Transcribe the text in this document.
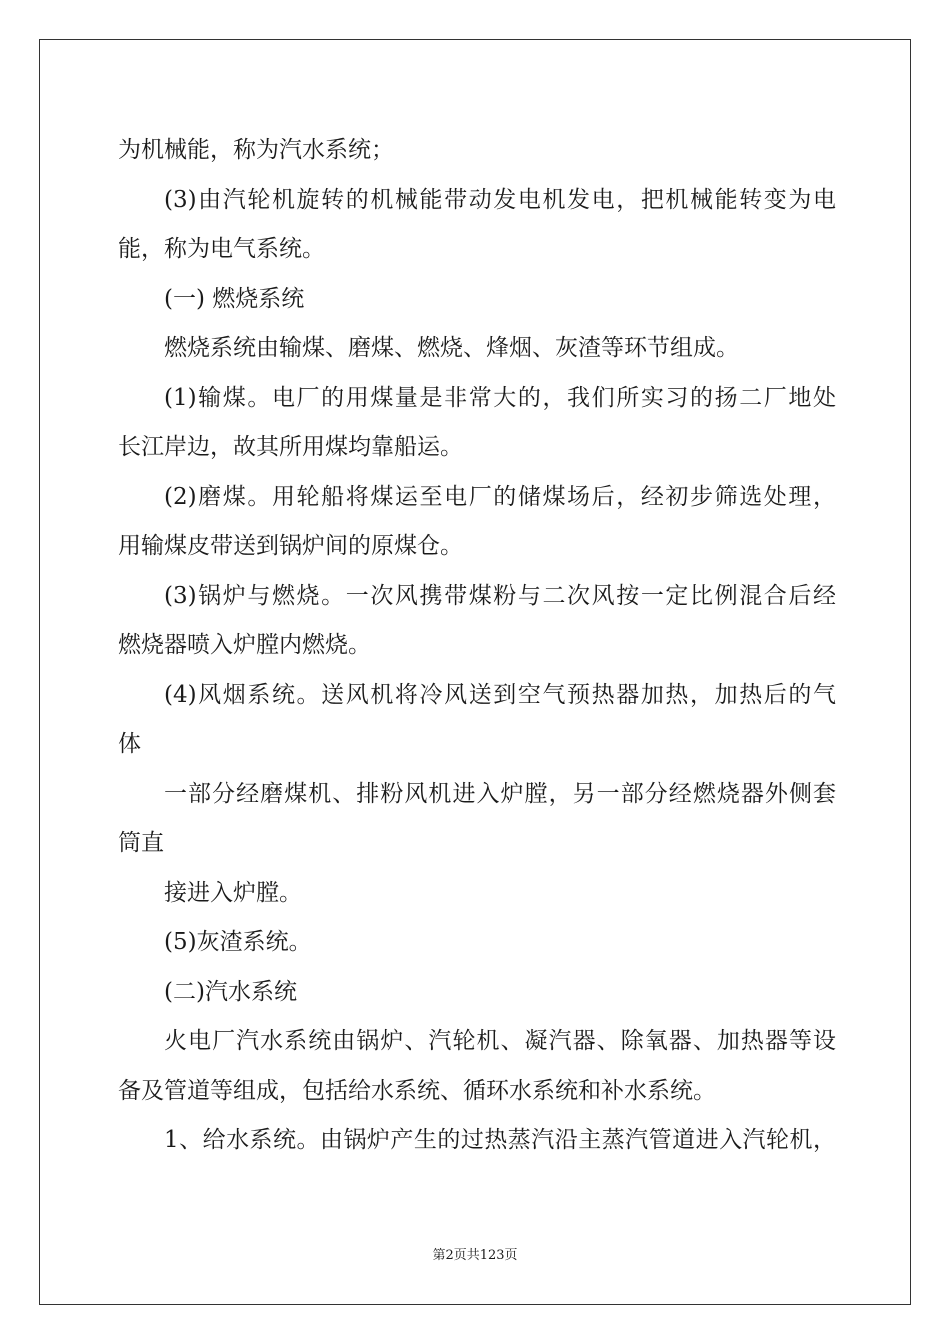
为机械能，称为汽水系统；
(3)由汽轮机旋转的机械能带动发电机发电，把机械能转变为电
能，称为电气系统。
(一) 燃烧系统
燃烧系统由输煤、磨煤、燃烧、烽烟、灰渣等环节组成。
(1)输煤。电厂的用煤量是非常大的，我们所实习的扬二厂地处
长江岸边，故其所用煤均靠船运。
(2)磨煤。用轮船将煤运至电厂的储煤场后，经初步筛选处理，
用输煤皮带送到锅炉间的原煤仓。
(3)锅炉与燃烧。一次风携带煤粉与二次风按一定比例混合后经
燃烧器喷入炉膛内燃烧。
(4)风烟系统。送风机将冷风送到空气预热器加热，加热后的气
体
一部分经磨煤机、排粉风机进入炉膛，另一部分经燃烧器外侧套
筒直
接进入炉膛。
(5)灰渣系统。
(二)汽水系统
火电厂汽水系统由锅炉、汽轮机、凝汽器、除氧器、加热器等设
备及管道等组成，包括给水系统、循环水系统和补水系统。
1、给水系统。由锅炉产生的过热蒸汽沿主蒸汽管道进入汽轮机，
第2页共123页
